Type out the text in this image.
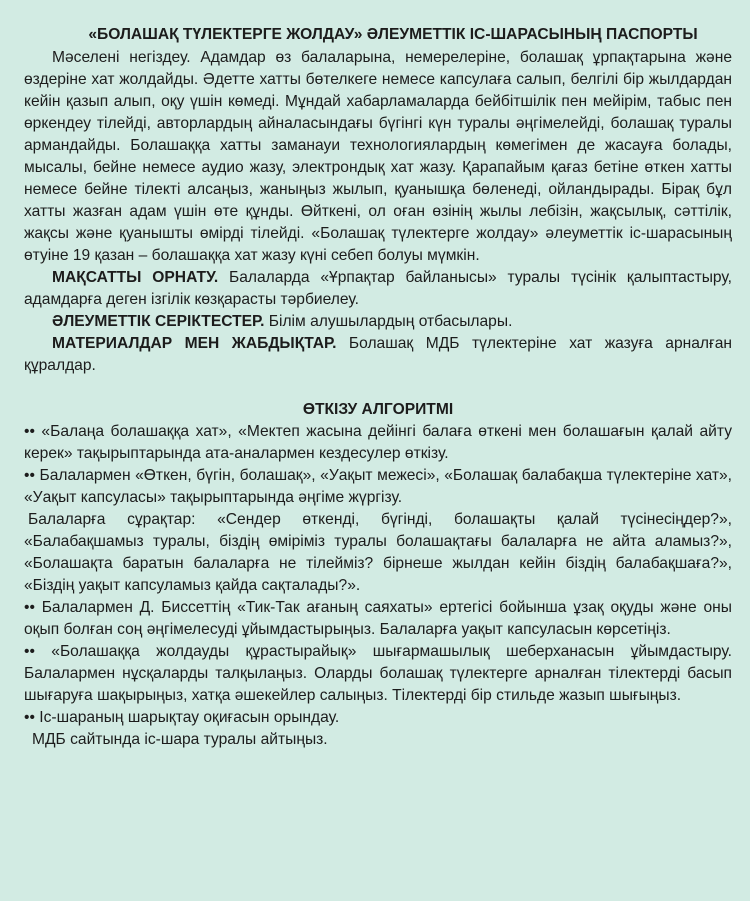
«БОЛАШАҚ ТҮЛЕКТЕРГЕ ЖОЛДАУ» ӘЛЕУМЕТТІК ІС-ШАРАСЫНЫҢ ПАСПОРТЫ

Мәселені негіздеу. Адамдар өз балаларына, немерелеріне, болашақ ұрпақтарына және өздеріне хат жолдайды. Әдетте хатты бөтелкеге немесе капсулаға салып, белгілі бір жылдардан кейін қазып алып, оқу үшін көмеді. Мұндай хабарламаларда бейбітшілік пен мейірім, табыс пен өркендеу тілейді, авторлардың айналасындағы бүгінгі күн туралы әңгімелейді, болашақ туралы армандайды. Болашаққа хатты заманауи технологиялардың көмегімен де жасауға болады, мысалы, бейне немесе аудио жазу, электрондық хат жазу. Қарапайым қағаз бетіне өткен хатты немесе бейне тілекті алсаңыз, жаныңыз жылып, қуанышқа бөленеді, ойландырады. Бірақ бұл хатты жазған адам үшін өте құнды. Өйткені, ол оған өзінің жылы лебізін, жақсылық, сәттілік, жақсы және қуанышты өмірді тілейді. «Болашақ түлектерге жолдау» әлеуметтік іс-шарасының өтуіне 19 қазан – болашаққа хат жазу күні себеп болуы мүмкін.

МАҚСАТТЫ ОРНАТУ. Балаларда «Ұрпақтар байланысы» туралы түсінік қалыптастыру, адамдарға деген ізгілік көзқарасты тәрбиелеу.

ӘЛЕУМЕТТІК СЕРІКТЕСТЕР. Білім алушылардың отбасылары.

МАТЕРИАЛДАР МЕН ЖАБДЫҚТАР. Болашақ МДБ түлектеріне хат жазуға арналған құралдар.

ӨТКІЗУ АЛГОРИТМІ

•• «Балаңа болашаққа хат», «Мектеп жасына дейінгі балаға өткені мен болашағын қалай айту керек» тақырыптарында ата-аналармен кездесулер өткізу.

•• Балалармен «Өткен, бүгін, болашақ», «Уақыт межесі», «Болашақ балабақша түлектеріне хат», «Уақыт капсуласы» тақырыптарында әңгіме жүргізу.

Балаларға сұрақтар: «Сендер өткенді, бүгінді, болашақты қалай түсінесіңдер?», «Балабақшамыз туралы, біздің өміріміз туралы болашақтағы балаларға не айта аламыз?», «Болашақта баратын балаларға не тілейміз? бірнеше жылдан кейін біздің балабақшаға?», «Біздің уақыт капсуламыз қайда сақталады?».

•• Балалармен Д. Биссеттің «Тик-Так ағаның саяхаты» ертегісі бойынша ұзақ оқуды және оны оқып болған соң әңгімелесуді ұйымдастырыңыз. Балаларға уақыт капсуласын көрсетіңіз.

•• «Болашаққа жолдауды құрастырайық» шығармашылық шеберханасын ұйымдастыру. Балалармен нұсқаларды талқылаңыз. Оларды болашақ түлектерге арналған тілектерді басып шығаруға шақырыңыз, хатқа әшекейлер салыңыз. Тілектерді бір стильде жазып шығыңыз.

•• Іс-шараның шарықтау оқиғасын орындау.

МДБ сайтында іс-шара туралы айтыңыз.
